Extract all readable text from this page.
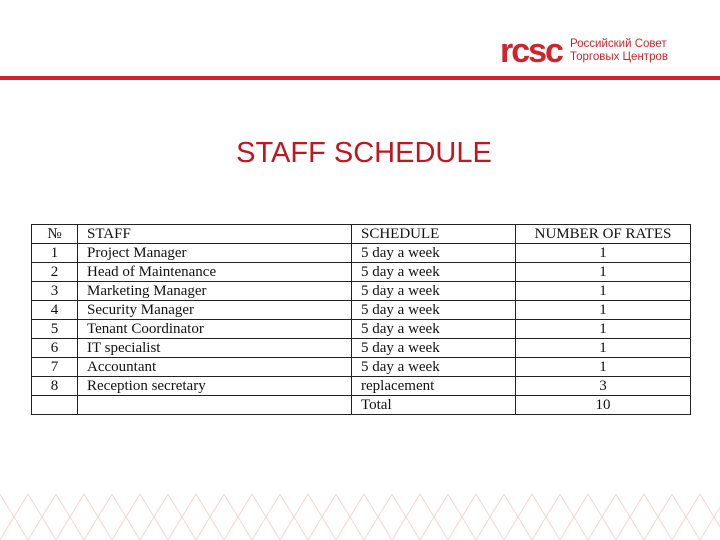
rcsc Российский Совет
Торговых Центров
STAFF SCHEDULE
№	STAFF	SCHEDULE	NUMBER OF RATES
1	Project Manager	5 day a week	1
2	Head of Maintenance	5 day a week	1
3	Marketing Manager	5 day a week	1
4	Security Manager	5 day a week	1
5	Tenant Coordinator	5 day a week	1
6	IT specialist	5 day a week	1
7	Accountant	5 day a week	1
8	Reception secretary	replacement	3
		Total	10
